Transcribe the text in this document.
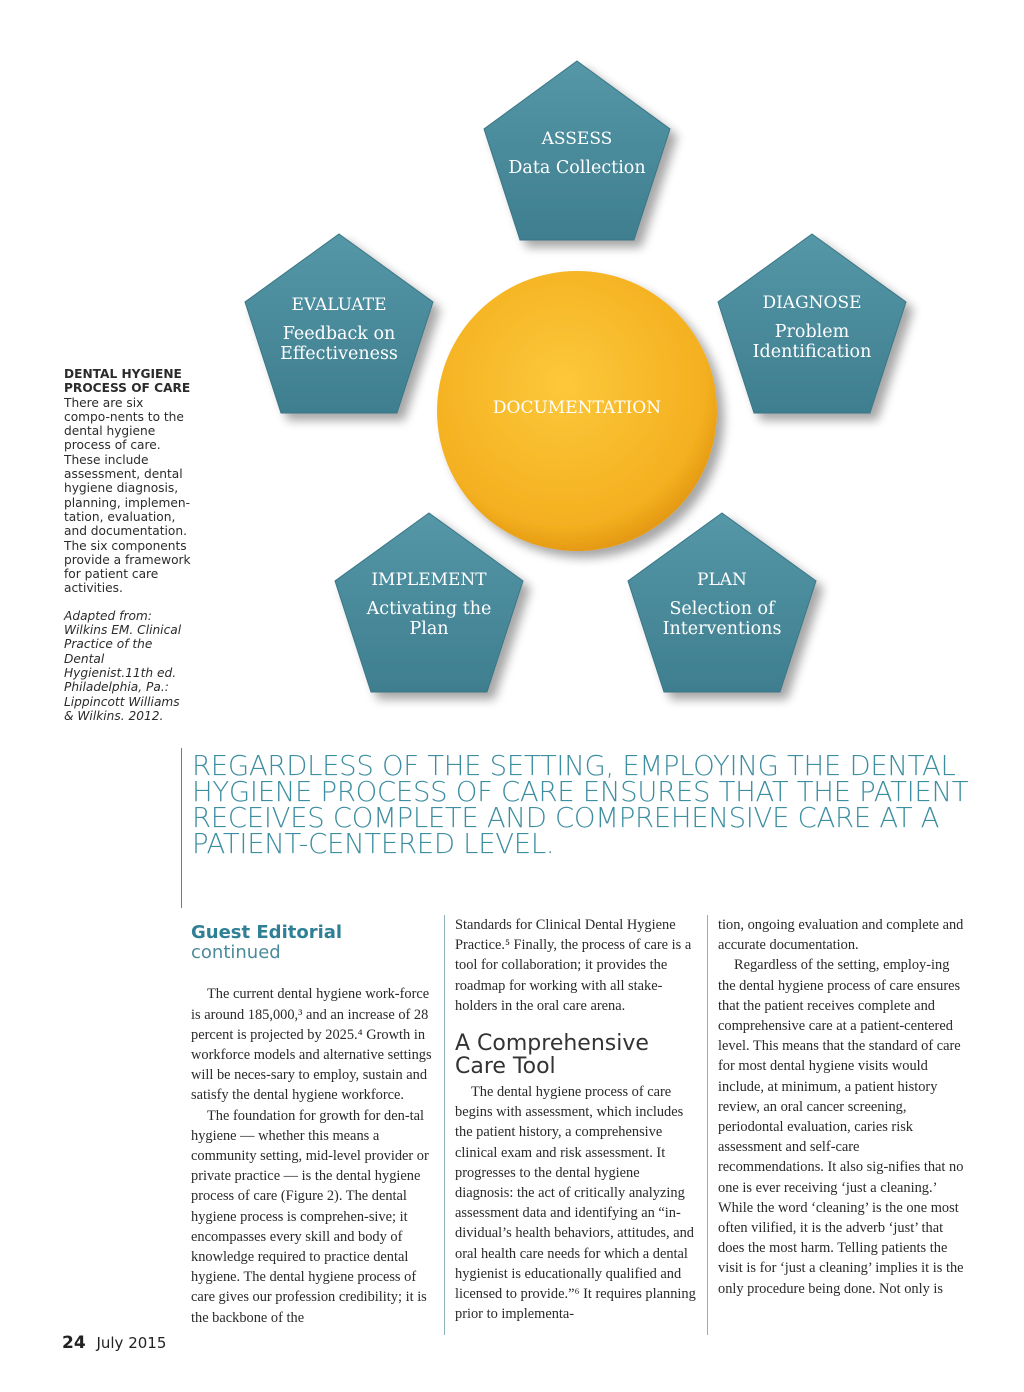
DOCUMENTATION
ASSESS
Data Collection
DIAGNOSE
Problem
Identification
PLAN
Selection of
Interventions
IMPLEMENT
Activating the
Plan
EVALUATE
Feedback on
Effectiveness
DENTAL HYGIENE PROCESS OF CARE
There are six compo-nents to the dental hygiene process of care. These include assessment, dental hygiene diagnosis, planning, implemen-tation, evaluation, and documentation. The six components provide a framework for patient care activities.
Adapted from: Wilkins EM. Clinical Practice of the Dental Hygienist.11th ed. Philadelphia, Pa.: Lippincott Williams & Wilkins. 2012.
REGARDLESS OF THE SETTING, EMPLOYING THE DENTAL HYGIENE PROCESS OF CARE ENSURES THAT THE PATIENT RECEIVES COMPLETE AND COMPREHENSIVE CARE AT A PATIENT-CENTERED LEVEL.
Guest Editorial continued

The current dental hygiene work-force is around 185,000,³ and an increase of 28 percent is projected by 2025.⁴ Growth in workforce models and alternative settings will be neces-sary to employ, sustain and satisfy the dental hygiene workforce.

The foundation for growth for den-tal hygiene — whether this means a community setting, mid-level provider or private practice — is the dental hygiene process of care (Figure 2). The dental hygiene process is comprehen-sive; it encompasses every skill and body of knowledge required to practice dental hygiene. The dental hygiene process of care gives our profession credibility; it is the backbone of the

Standards for Clinical Dental Hygiene Practice.⁵ Finally, the process of care is a tool for collaboration; it provides the roadmap for working with all stake-holders in the oral care arena.

A Comprehensive Care Tool

The dental hygiene process of care begins with assessment, which includes the patient history, a comprehensive clinical exam and risk assessment. It progresses to the dental hygiene diagnosis: the act of critically analyzing assessment data and identifying an “in-dividual’s health behaviors, attitudes, and oral health care needs for which a dental hygienist is educationally qualified and licensed to provide.”⁶ It requires planning prior to implementa-

tion, ongoing evaluation and complete and accurate documentation.

Regardless of the setting, employ-ing the dental hygiene process of care ensures that the patient receives complete and comprehensive care at a patient-centered level. This means that the standard of care for most dental hygiene visits would include, at minimum, a patient history review, an oral cancer screening, periodontal evaluation, caries risk assessment and self-care recommendations. It also sig-nifies that no one is ever receiving ‘just a cleaning.’ While the word ‘cleaning’ is the one most often vilified, it is the adverb ‘just’ that does the most harm. Telling patients the visit is for ‘just a cleaning’ implies it is the only procedure being done. Not only is

24 July 2015
